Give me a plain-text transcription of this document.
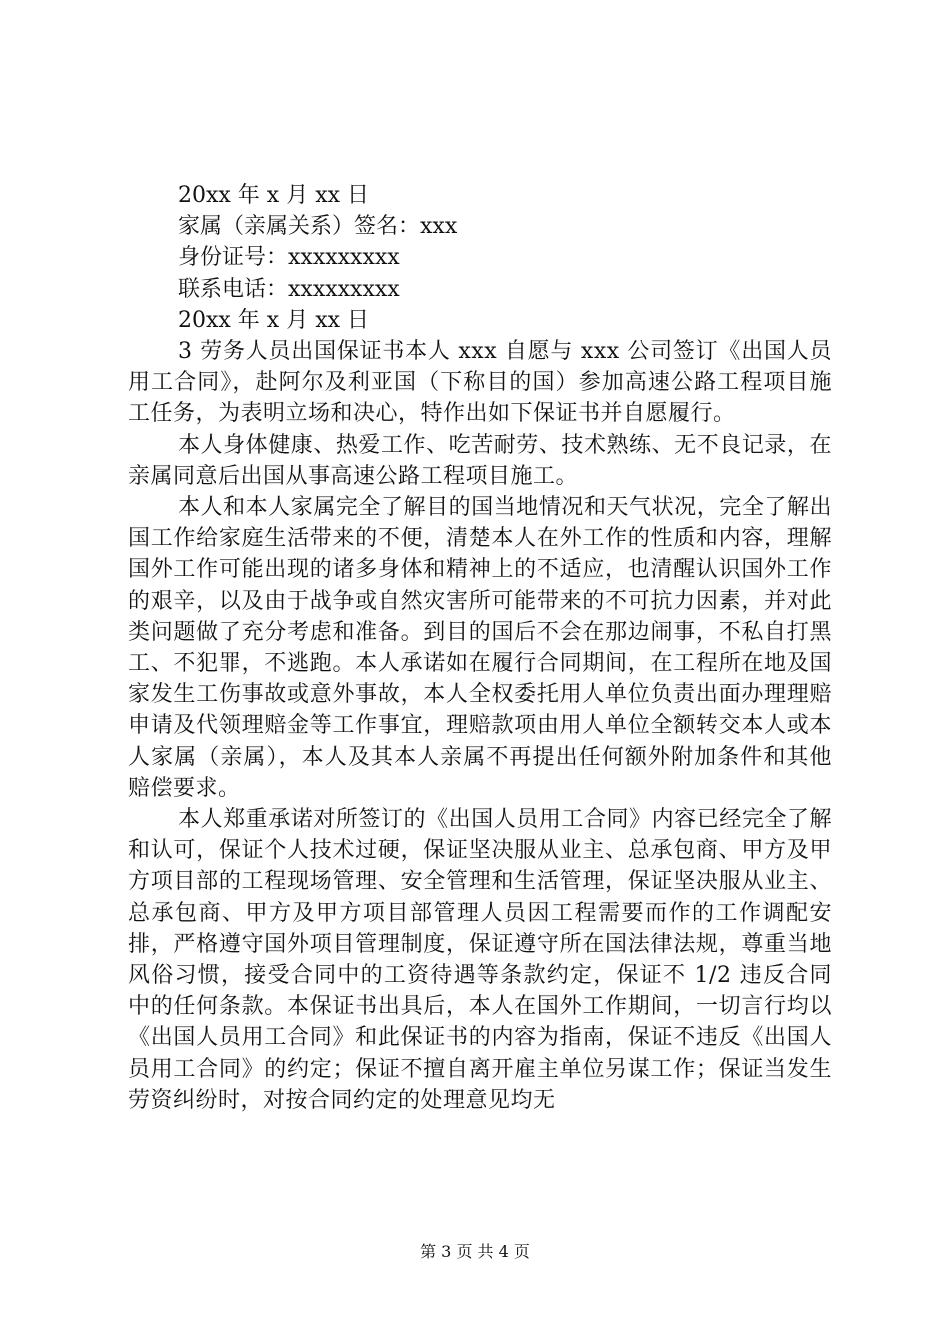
20xx 年 x 月 xx 日

家属（亲属关系）签名：xxx

身份证号：xxxxxxxxx

联系电话：xxxxxxxxx

20xx 年 x 月 xx 日

3 劳务人员出国保证书本人 xxx 自愿与 xxx 公司签订《出国人员用工合同》，赴阿尔及利亚国（下称目的国）参加高速公路工程项目施工任务，为表明立场和决心，特作出如下保证书并自愿履行。

本人身体健康、热爱工作、吃苦耐劳、技术熟练、无不良记录，在亲属同意后出国从事高速公路工程项目施工。

本人和本人家属完全了解目的国当地情况和天气状况，完全了解出国工作给家庭生活带来的不便，清楚本人在外工作的性质和内容，理解国外工作可能出现的诸多身体和精神上的不适应，也清醒认识国外工作的艰辛，以及由于战争或自然灾害所可能带来的不可抗力因素，并对此类问题做了充分考虑和准备。到目的国后不会在那边闹事，不私自打黑工、不犯罪，不逃跑。本人承诺如在履行合同期间，在工程所在地及国家发生工伤事故或意外事故，本人全权委托用人单位负责出面办理理赔申请及代领理赔金等工作事宜，理赔款项由用人单位全额转交本人或本人家属（亲属），本人及其本人亲属不再提出任何额外附加条件和其他赔偿要求。

本人郑重承诺对所签订的《出国人员用工合同》内容已经完全了解和认可，保证个人技术过硬，保证坚决服从业主、总承包商、甲方及甲方项目部的工程现场管理、安全管理和生活管理，保证坚决服从业主、总承包商、甲方及甲方项目部管理人员因工程需要而作的工作调配安排，严格遵守国外项目管理制度，保证遵守所在国法律法规，尊重当地风俗习惯，接受合同中的工资待遇等条款约定，保证不 1/2 违反合同中的任何条款。本保证书出具后，本人在国外工作期间，一切言行均以《出国人员用工合同》和此保证书的内容为指南，保证不违反《出国人员用工合同》的约定；保证不擅自离开雇主单位另谋工作；保证当发生劳资纠纷时，对按合同约定的处理意见均无

第 3 页 共 4 页
